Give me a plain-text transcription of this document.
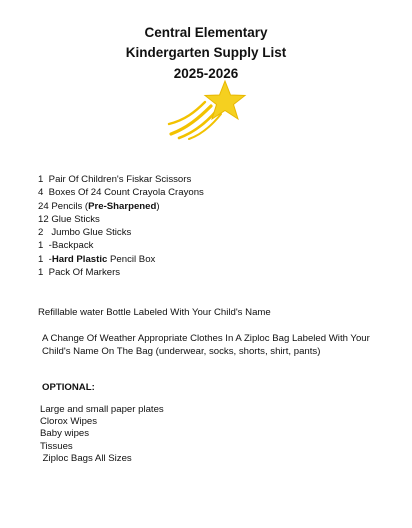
Central Elementary
Kindergarten Supply List
2025-2026
1  Pair Of Children's Fiskar Scissors
4  Boxes Of 24 Count Crayola Crayons
24 Pencils (Pre-Sharpened)
12 Glue Sticks
2   Jumbo Glue Sticks
1  -Backpack
1  -Hard Plastic Pencil Box
1  Pack Of Markers
Refillable water Bottle Labeled With Your Child's Name
A Change Of Weather Appropriate Clothes In A Ziploc Bag Labeled With Your Child's Name On The Bag (underwear, socks, shorts, shirt, pants)
OPTIONAL:
Large and small paper plates
Clorox Wipes
Baby wipes
Tissues
Ziploc Bags All Sizes
